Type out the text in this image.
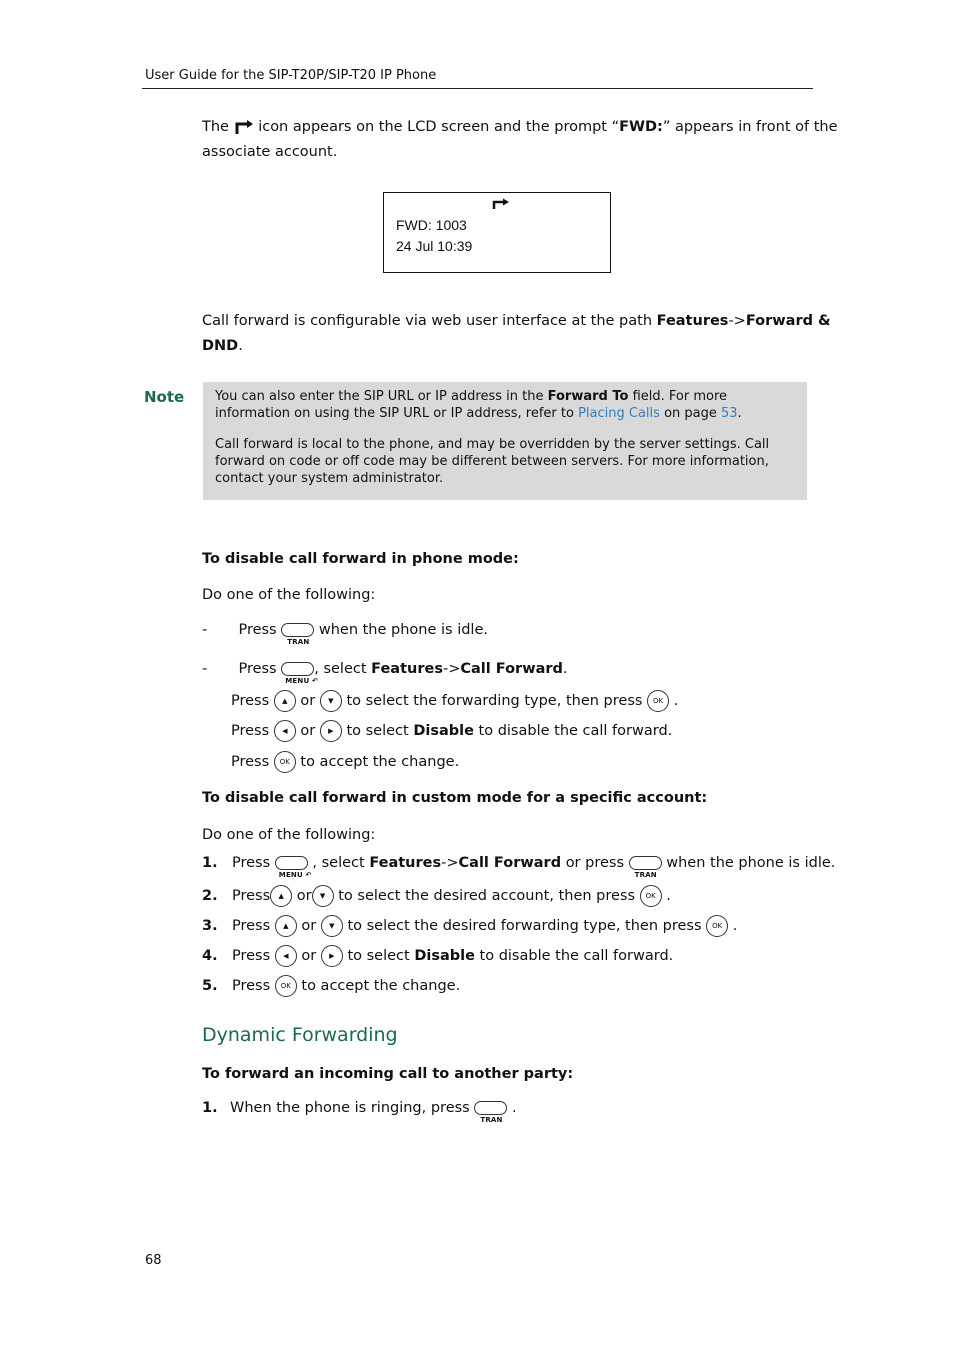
User Guide for the SIP-T20P/SIP-T20 IP Phone
The icon appears on the LCD screen and the prompt “FWD:” appears in front of the
associate account.
FWD: 1003
24 Jul 10:39
Call forward is configurable via web user interface at the path Features->Forward &
DND.
Note You can also enter the SIP URL or IP address in the Forward To field. For more information on using the SIP URL or IP address, refer to Placing Calls on page 53.

Call forward is local to the phone, and may be overridden by the server settings. Call forward on code or off code may be different between servers. For more information, contact your system administrator.

To disable call forward in phone mode:
Do one of the following:
- Press
TRAN
when the phone is idle.
- Press
MENU ↶
, select Features->Call Forward.
Press ▲ or ▼ to select the forwarding type, then press OK .
Press ◀ or ▶ to select Disable to disable the call forward.
Press OK to accept the change.
To disable call forward in custom mode for a specific account:
Do one of the following:
1. Press
MENU ↶
, select Features->Call Forward or press
TRAN
when the phone is idle.
2. Press ▲ or ▼ to select the desired account, then press OK .
3. Press ▲ or ▼ to select the desired forwarding type, then press OK .
4. Press ◀ or ▶ to select Disable to disable the call forward.
5. Press OK to accept the change.
Dynamic Forwarding
To forward an incoming call to another party:
1. When the phone is ringing, press
TRAN
.
68
